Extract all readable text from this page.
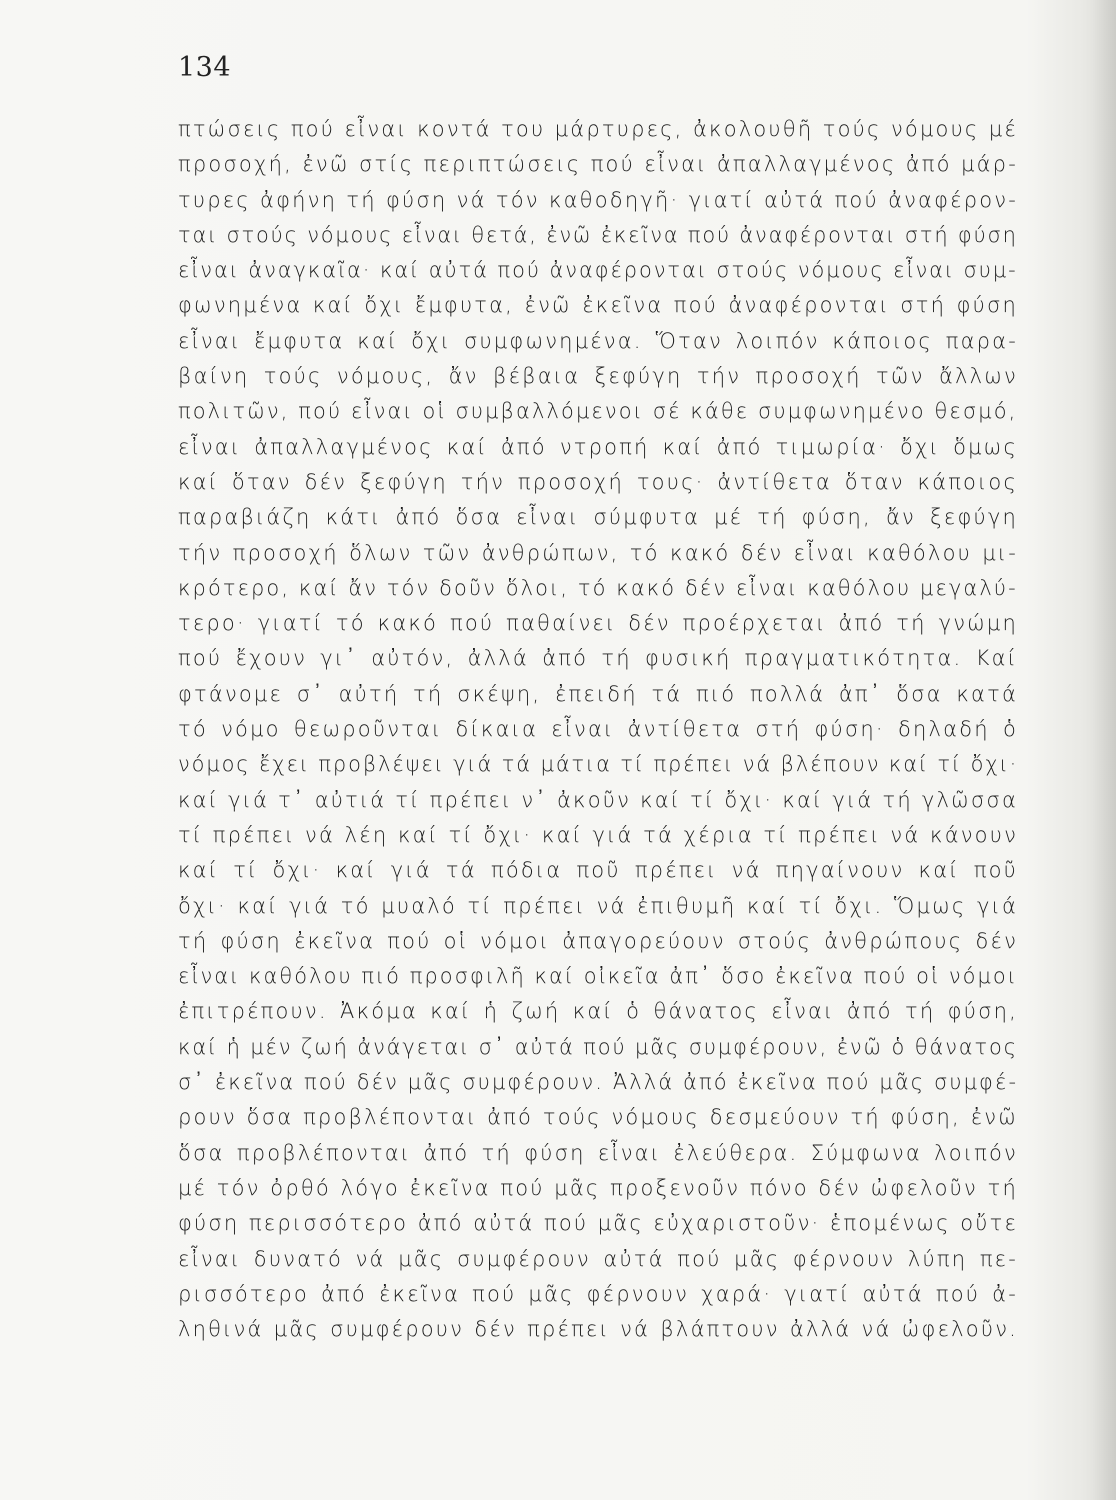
134
πτώσεις πού εἶναι κοντά του μάρτυρες, ἀκολουθῆ τούς νόμους μέ
προσοχή, ἐνῶ στίς περιπτώσεις πού εἶναι ἀπαλλαγμένος ἀπό μάρ-
τυρες ἀφήνη τή φύση νά τόν καθοδηγῆ· γιατί αὐτά πού ἀναφέρον-
ται στούς νόμους εἶναι θετά, ἐνῶ ἐκεῖνα πού ἀναφέρονται στή φύση
εἶναι ἀναγκαῖα· καί αὐτά πού ἀναφέρονται στούς νόμους εἶναι συμ-
φωνημένα καί ὄχι ἔμφυτα, ἐνῶ ἐκεῖνα πού ἀναφέρονται στή φύση
εἶναι ἔμφυτα καί ὄχι συμφωνημένα. Ὅταν λοιπόν κάποιος παρα-
βαίνη τούς νόμους, ἄν βέβαια ξεφύγη τήν προσοχή τῶν ἄλλων
πολιτῶν, πού εἶναι οἱ συμβαλλόμενοι σέ κάθε συμφωνημένο θεσμό,
εἶναι ἀπαλλαγμένος καί ἀπό ντροπή καί ἀπό τιμωρία· ὄχι ὅμως
καί ὅταν δέν ξεφύγη τήν προσοχή τους· ἀντίθετα ὅταν κάποιος
παραβιάζη κάτι ἀπό ὅσα εἶναι σύμφυτα μέ τή φύση, ἄν ξεφύγη
τήν προσοχή ὅλων τῶν ἀνθρώπων, τό κακό δέν εἶναι καθόλου μι-
κρότερο, καί ἄν τόν δοῦν ὅλοι, τό κακό δέν εἶναι καθόλου μεγαλύ-
τερο· γιατί τό κακό πού παθαίνει δέν προέρχεται ἀπό τή γνώμη
πού ἔχουν γι᾿ αὐτόν, ἀλλά ἀπό τή φυσική πραγματικότητα. Καί
φτάνομε σ᾿ αὐτή τή σκέψη, ἐπειδή τά πιό πολλά ἀπ᾿ ὅσα κατά
τό νόμο θεωροῦνται δίκαια εἶναι ἀντίθετα στή φύση· δηλαδή ὁ
νόμος ἔχει προβλέψει γιά τά μάτια τί πρέπει νά βλέπουν καί τί ὄχι·
καί γιά τ᾿ αὐτιά τί πρέπει ν᾿ ἀκοῦν καί τί ὄχι· καί γιά τή γλῶσσα
τί πρέπει νά λέη καί τί ὄχι· καί γιά τά χέρια τί πρέπει νά κάνουν
καί τί ὄχι· καί γιά τά πόδια ποῦ πρέπει νά πηγαίνουν καί ποῦ
ὄχι· καί γιά τό μυαλό τί πρέπει νά ἐπιθυμῆ καί τί ὄχι. Ὅμως γιά
τή φύση ἐκεῖνα πού οἱ νόμοι ἀπαγορεύουν στούς ἀνθρώπους δέν
εἶναι καθόλου πιό προσφιλῆ καί οἰκεῖα ἀπ᾿ ὅσο ἐκεῖνα πού οἱ νόμοι
ἐπιτρέπουν. Ἀκόμα καί ἡ ζωή καί ὁ θάνατος εἶναι ἀπό τή φύση,
καί ἡ μέν ζωή ἀνάγεται σ᾿ αὐτά πού μᾶς συμφέρουν, ἐνῶ ὁ θάνατος
σ᾿ ἐκεῖνα πού δέν μᾶς συμφέρουν. Ἀλλά ἀπό ἐκεῖνα πού μᾶς συμφέ-
ρουν ὅσα προβλέπονται ἀπό τούς νόμους δεσμεύουν τή φύση, ἐνῶ
ὅσα προβλέπονται ἀπό τή φύση εἶναι ἐλεύθερα. Σύμφωνα λοιπόν
μέ τόν ὀρθό λόγο ἐκεῖνα πού μᾶς προξενοῦν πόνο δέν ὠφελοῦν τή
φύση περισσότερο ἀπό αὐτά πού μᾶς εὐχαριστοῦν· ἑπομένως οὔτε
εἶναι δυνατό νά μᾶς συμφέρουν αὐτά πού μᾶς φέρνουν λύπη πε-
ρισσότερο ἀπό ἐκεῖνα πού μᾶς φέρνουν χαρά· γιατί αὐτά πού ἀ-
ληθινά μᾶς συμφέρουν δέν πρέπει νά βλάπτουν ἀλλά νά ὠφελοῦν.
